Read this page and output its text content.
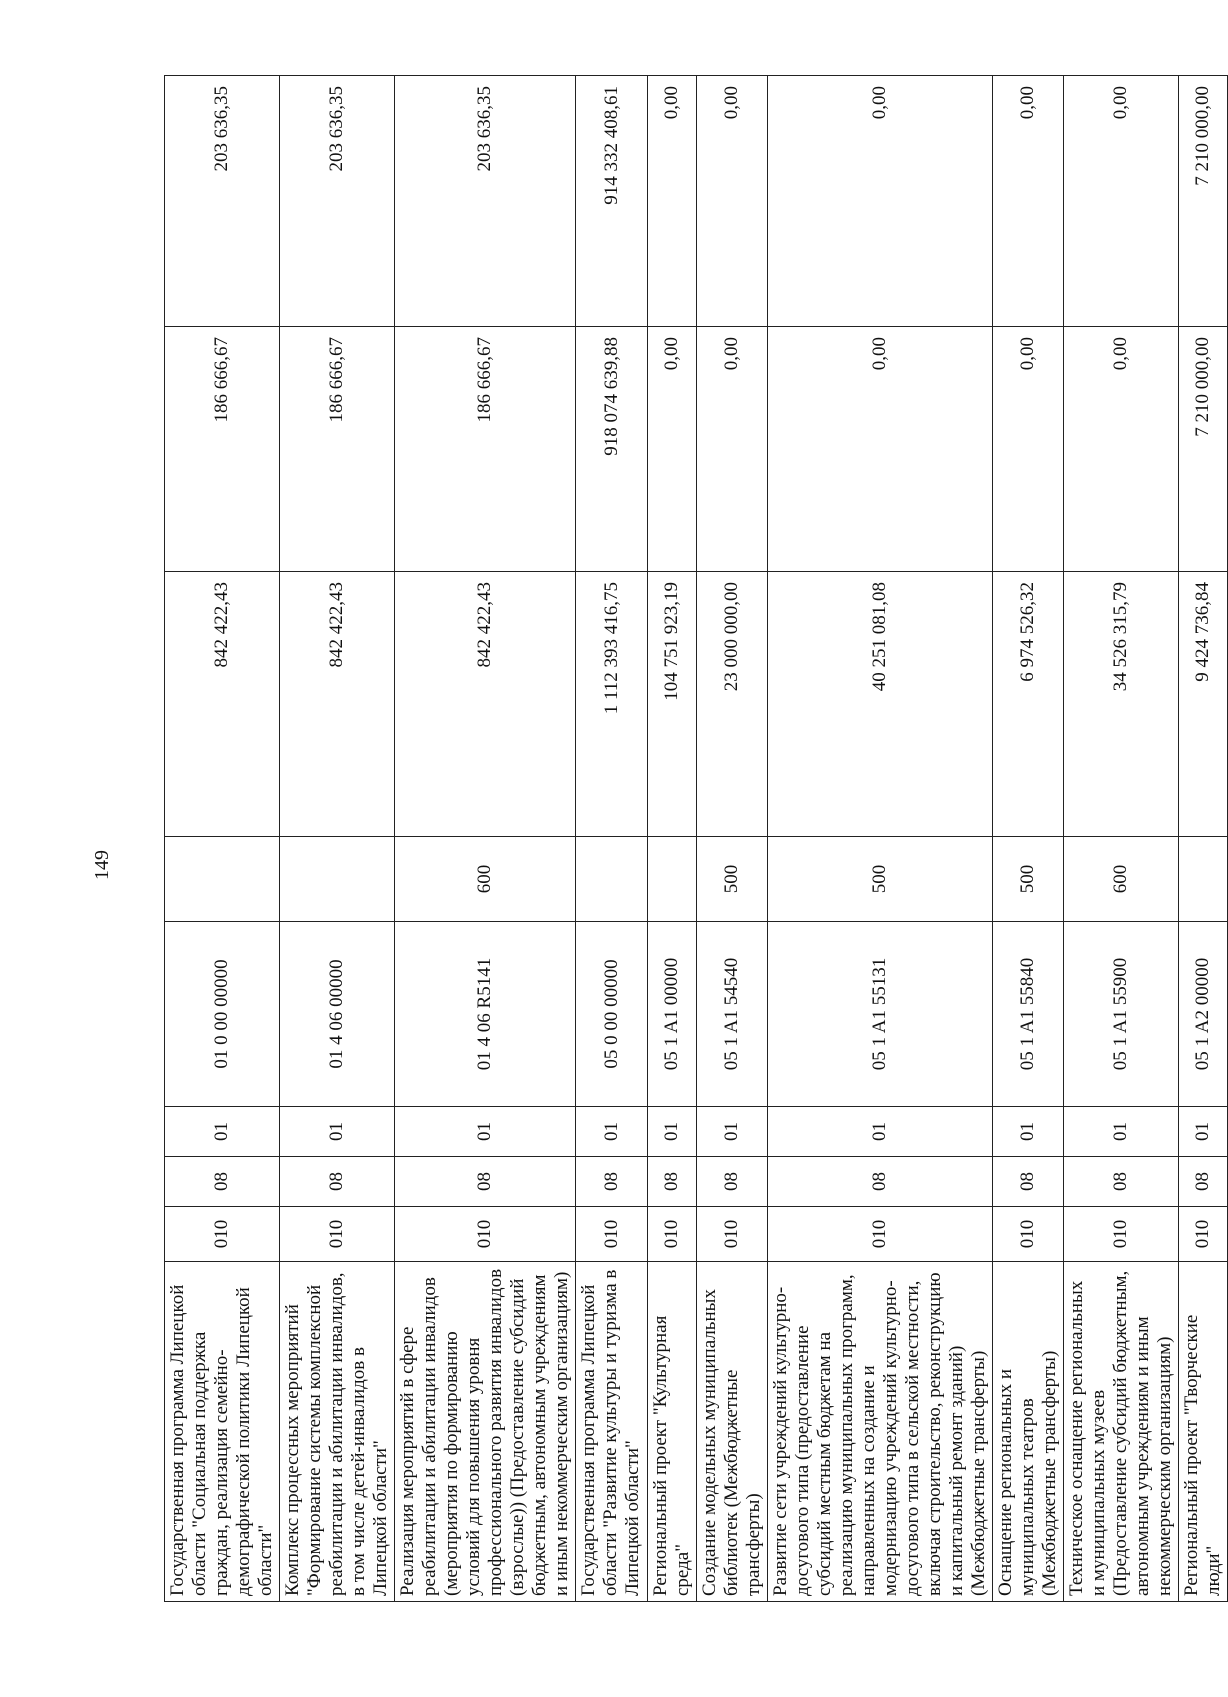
149
Государственная программа Липецкой области "Социальная поддержка граждан, реализация семейно-демографической политики Липецкой области"	010	08	01	01 0 00 00000		842 422,43	186 666,67	203 636,35
Комплекс процессных мероприятий "Формирование системы комплексной реабилитации и абилитации инвалидов, в том числе детей-инвалидов в Липецкой области"	010	08	01	01 4 06 00000		842 422,43	186 666,67	203 636,35
Реализация мероприятий в сфере реабилитации и абилитации инвалидов (мероприятия по формированию условий для повышения уровня профессионального развития инвалидов (взрослые)) (Предоставление субсидий бюджетным, автономным учреждениям и иным некоммерческим организациям)	010	08	01	01 4 06 R5141	600	842 422,43	186 666,67	203 636,35
Государственная программа Липецкой области "Развитие культуры и туризма в Липецкой области"	010	08	01	05 0 00 00000		1 112 393 416,75	918 074 639,88	914 332 408,61
Региональный проект "Культурная среда"	010	08	01	05 1 A1 00000		104 751 923,19	0,00	0,00
Создание модельных муниципальных библиотек (Межбюджетные трансферты)	010	08	01	05 1 A1 54540	500	23 000 000,00	0,00	0,00
Развитие сети учреждений культурно-досугового типа (предоставление субсидий местным бюджетам на реализацию муниципальных программ, направленных на создание и модернизацию учреждений культурно-досугового типа в сельской местности, включая строительство, реконструкцию и капитальный ремонт зданий) (Межбюджетные трансферты)	010	08	01	05 1 A1 55131	500	40 251 081,08	0,00	0,00
Оснащение региональных и муниципальных театров (Межбюджетные трансферты)	010	08	01	05 1 A1 55840	500	6 974 526,32	0,00	0,00
Техническое оснащение региональных и муниципальных музеев (Предоставление субсидий бюджетным, автономным учреждениям и иным некоммерческим организациям)	010	08	01	05 1 A1 55900	600	34 526 315,79	0,00	0,00
Региональный проект "Творческие люди"	010	08	01	05 1 A2 00000		9 424 736,84	7 210 000,00	7 210 000,00
